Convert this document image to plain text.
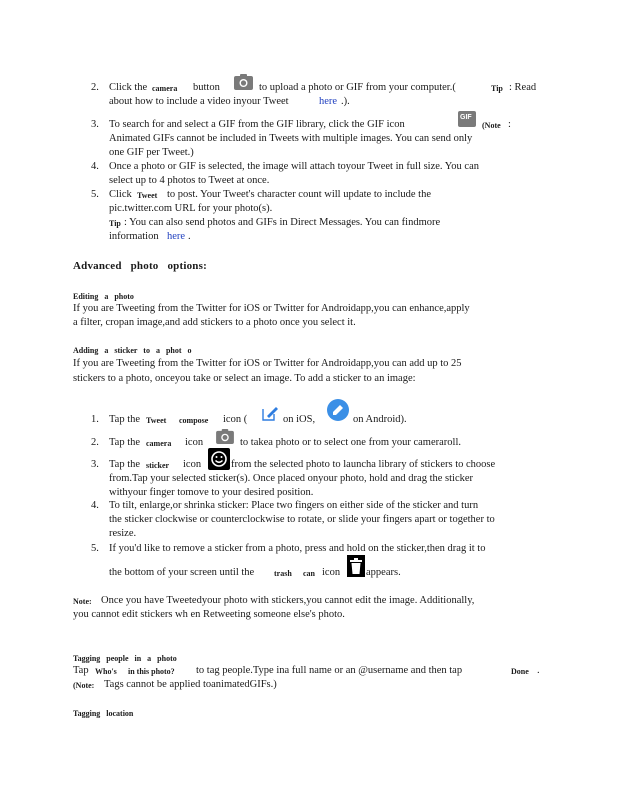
2. Click the camera button	to upload a photo or GIF from your computer.(	Tip : Read
about how to include a video inyour Tweet	here .).
3. To search for and select a GIF from the GIF library, click the GIF icon
GIF
(Note :
Animated GIFs cannot be included in Tweets with multiple images. You can send only
one GIF per Tweet.)
4. Once a photo or GIF is selected, the image will attach toyour Tweet in full size. You can
select up to 4 photos to Tweet at once.
5. Click Tweet to post. Your Tweet's character count will update to include the
pic.twitter.com URL for your photo(s).
Tip : You can also send photos and GIFs in Direct Messages. You can findmore
information here .
Advanced photo options:
Editing a photo
If you are Tweeting from the Twitter for iOS or Twitter for Androidapp,you can enhance,apply
a filter, cropan image,and add stickers to a photo once you select it.
Adding a sticker to a phot o
If you are Tweeting from the Twitter for iOS or Twitter for Androidapp,you can add up to 25
stickers to a photo, onceyou take or select an image. To add a sticker to an image:
1. Tap the Tweet compose icon (	on iOS,	on Android).
2. Tap the camera icon	to takea photo or to select one from your cameraroll.
3. Tap the sticker icon	from the selected photo to launcha library of stickers to choose
from.Tap your selected sticker(s). Once placed onyour photo, hold and drag the sticker
withyour finger tomove to your desired position.
4. To tilt, enlarge,or shrinka sticker: Place two fingers on either side of the sticker and turn
the sticker clockwise or counterclockwise to rotate, or slide your fingers apart or together to
resize.
5. If you'd like to remove a sticker from a photo, press and hold on the sticker,then drag it to
the bottom of your screen until the trash can icon appears.
Note: Once you have Tweetedyour photo with stickers,you cannot edit the image. Additionally,
you cannot edit stickers wh en Retweeting someone else's photo.
Tagging people in a photo
Tap Who's in this photo? to tag people.Type ina full name or an @username and then tap	Done .
(Note: Tags cannot be applied toanimatedGIFs.)
Tagging location
